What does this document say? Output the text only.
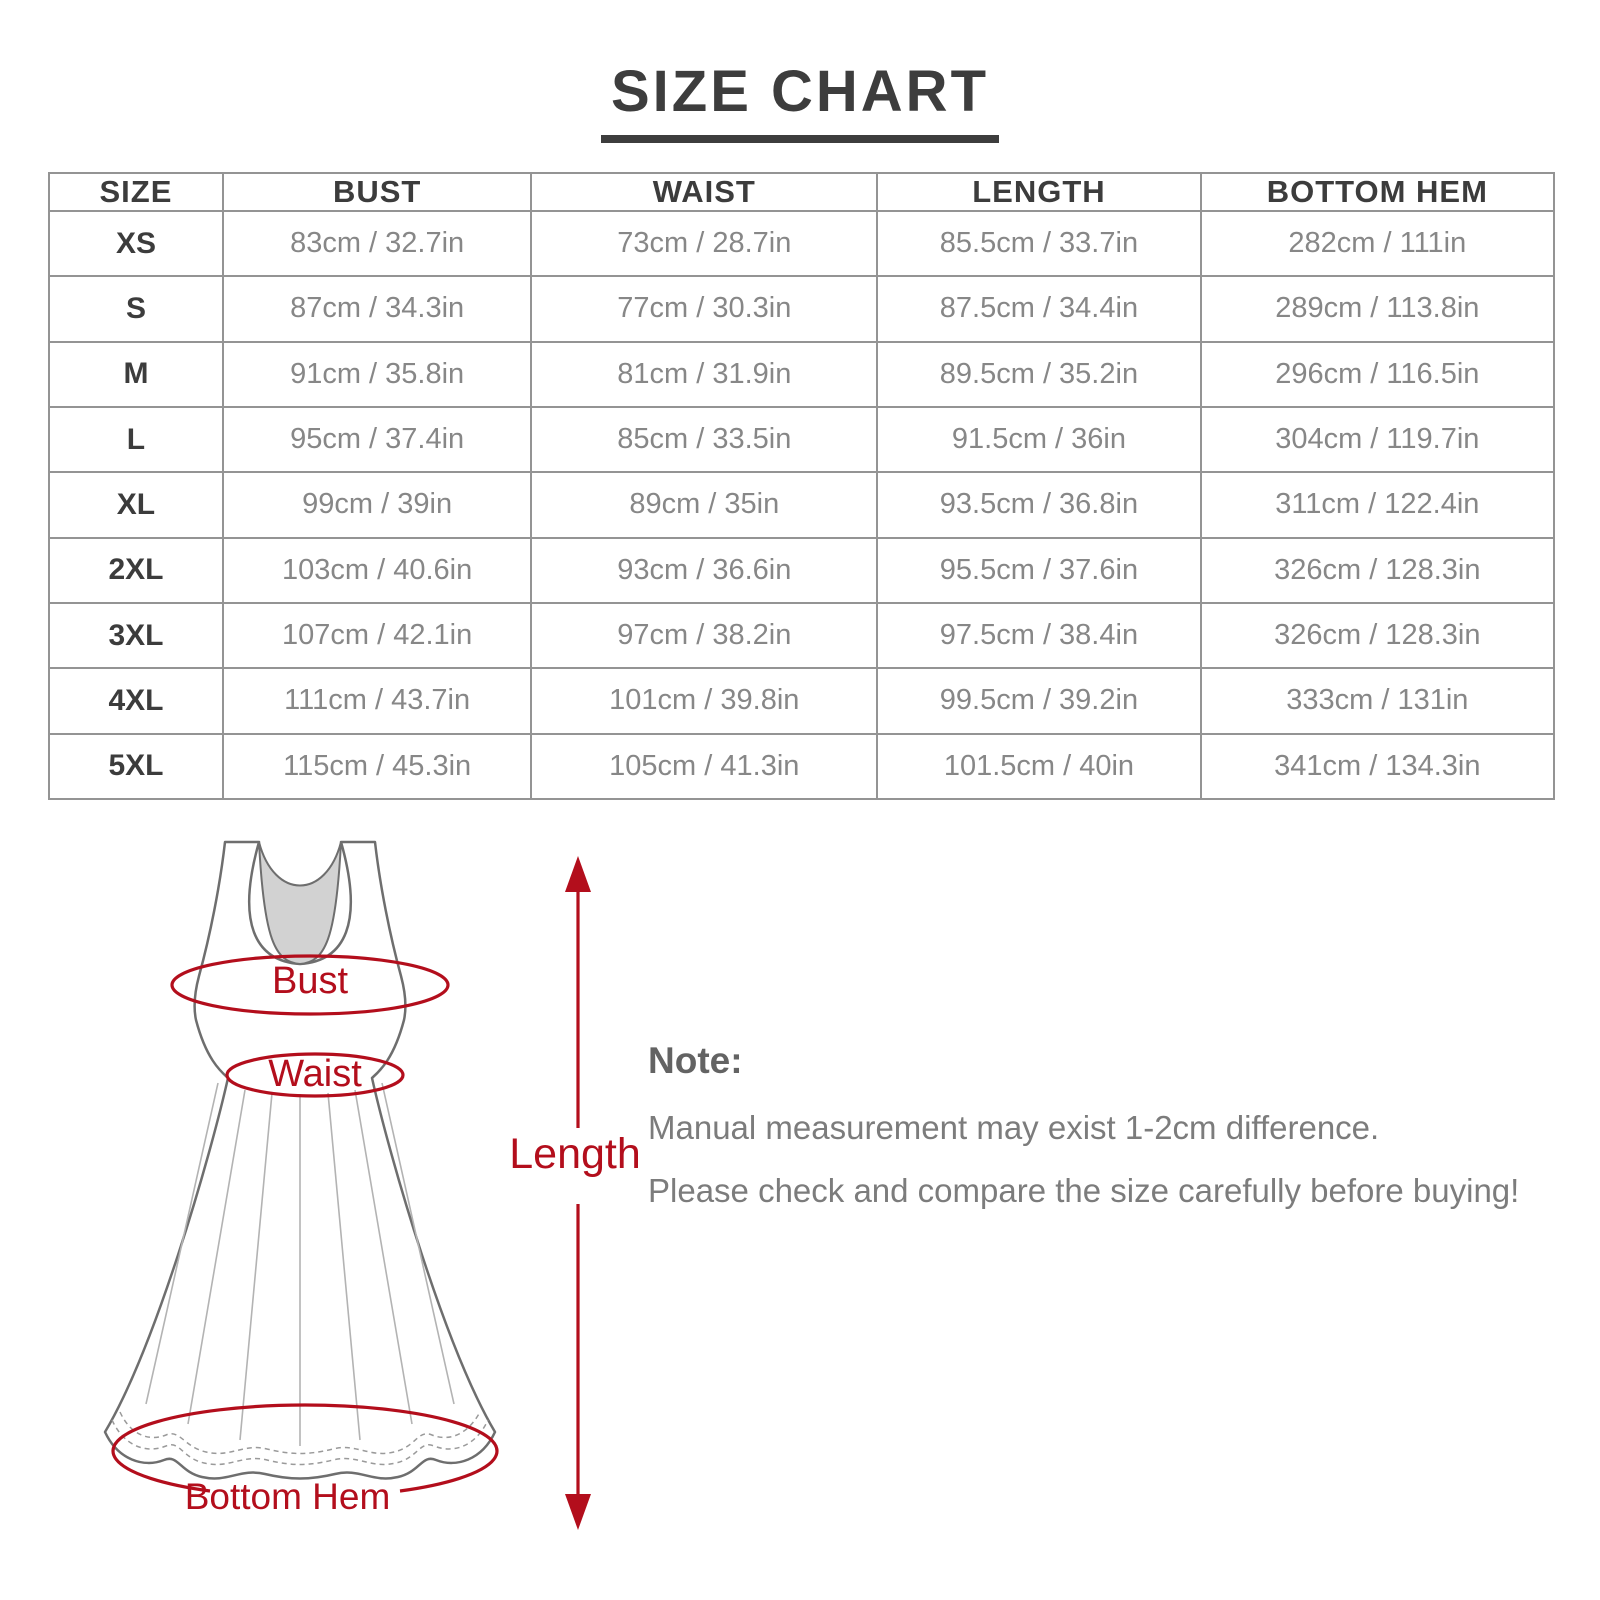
SIZE CHART
SIZE	BUST	WAIST	LENGTH	BOTTOM HEM
XS	83cm / 32.7in	73cm / 28.7in	85.5cm / 33.7in	282cm / 111in
S	87cm / 34.3in	77cm / 30.3in	87.5cm / 34.4in	289cm / 113.8in
M	91cm / 35.8in	81cm / 31.9in	89.5cm / 35.2in	296cm / 116.5in
L	95cm / 37.4in	85cm / 33.5in	91.5cm / 36in	304cm / 119.7in
XL	99cm / 39in	89cm / 35in	93.5cm / 36.8in	311cm / 122.4in
2XL	103cm / 40.6in	93cm / 36.6in	95.5cm / 37.6in	326cm / 128.3in
3XL	107cm / 42.1in	97cm / 38.2in	97.5cm / 38.4in	326cm / 128.3in
4XL	111cm / 43.7in	101cm / 39.8in	99.5cm / 39.2in	333cm / 131in
5XL	115cm / 45.3in	105cm / 41.3in	101.5cm / 40in	341cm / 134.3in
Bust
Waist
Length
Bottom Hem
Note:

Manual measurement may exist 1-2cm difference.

Please check and compare the size carefully before buying!
